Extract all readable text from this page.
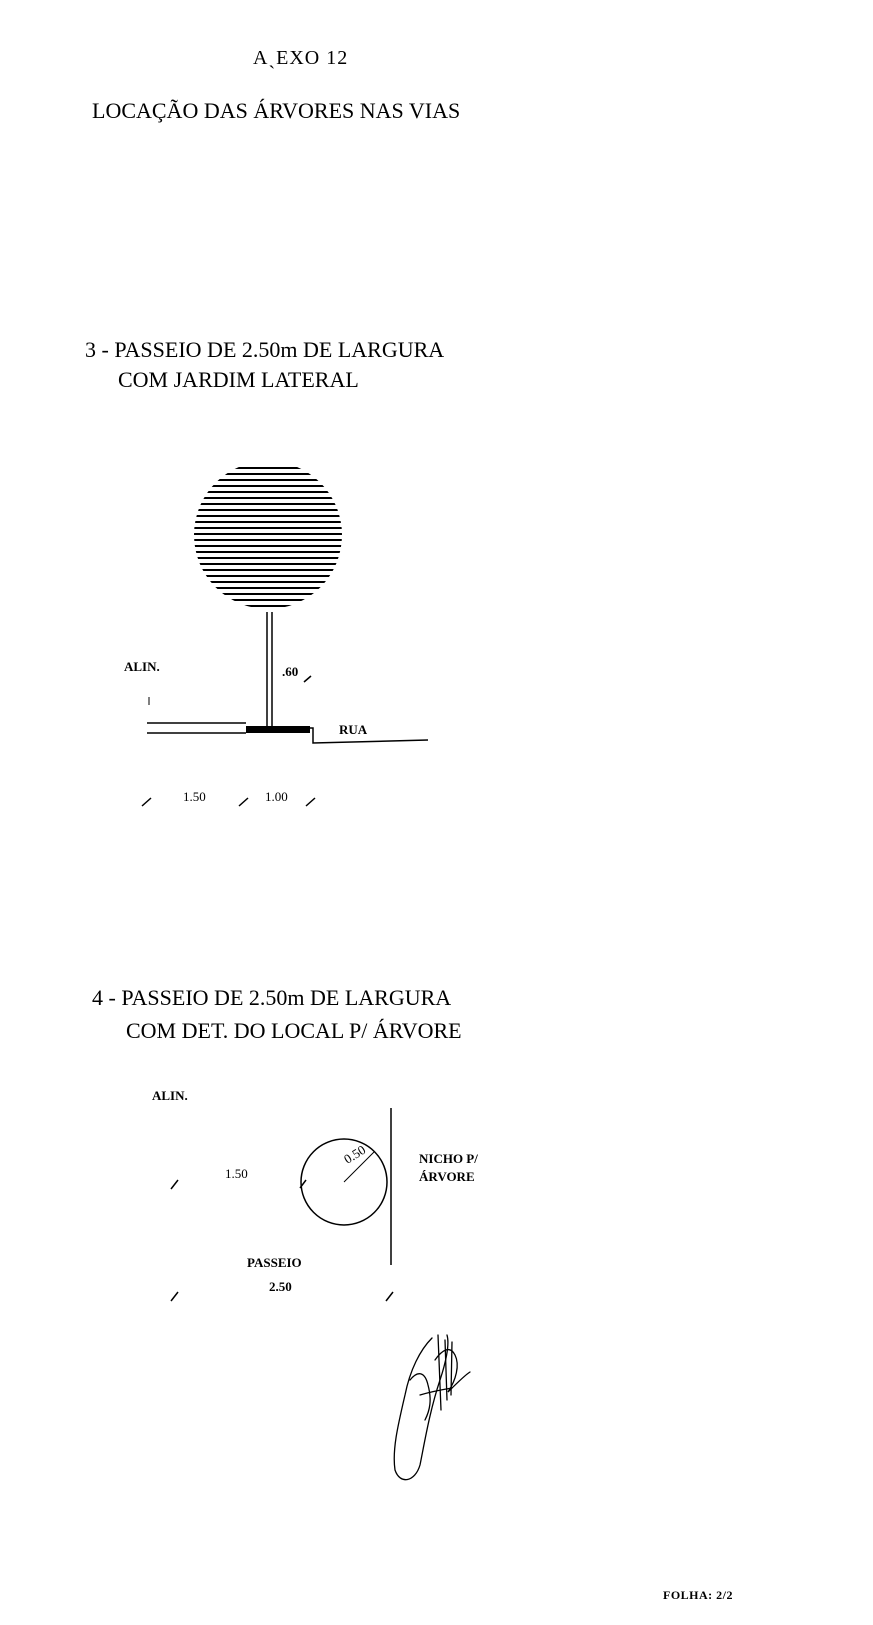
AˎEXO 12
LOCAÇÃO DAS ÁRVORES NAS VIAS
3 - PASSEIO DE 2.50m DE LARGURA
COM JARDIM LATERAL
ALIN.
RUA
.60
1.50	1.00
4 - PASSEIO DE 2.50m DE LARGURA
COM DET. DO LOCAL P/ ÁRVORE
ALIN.
1.50
0.50	NICHO P/
ÁRVORE
PASSEIO
2.50
FOLHA: 2/2
